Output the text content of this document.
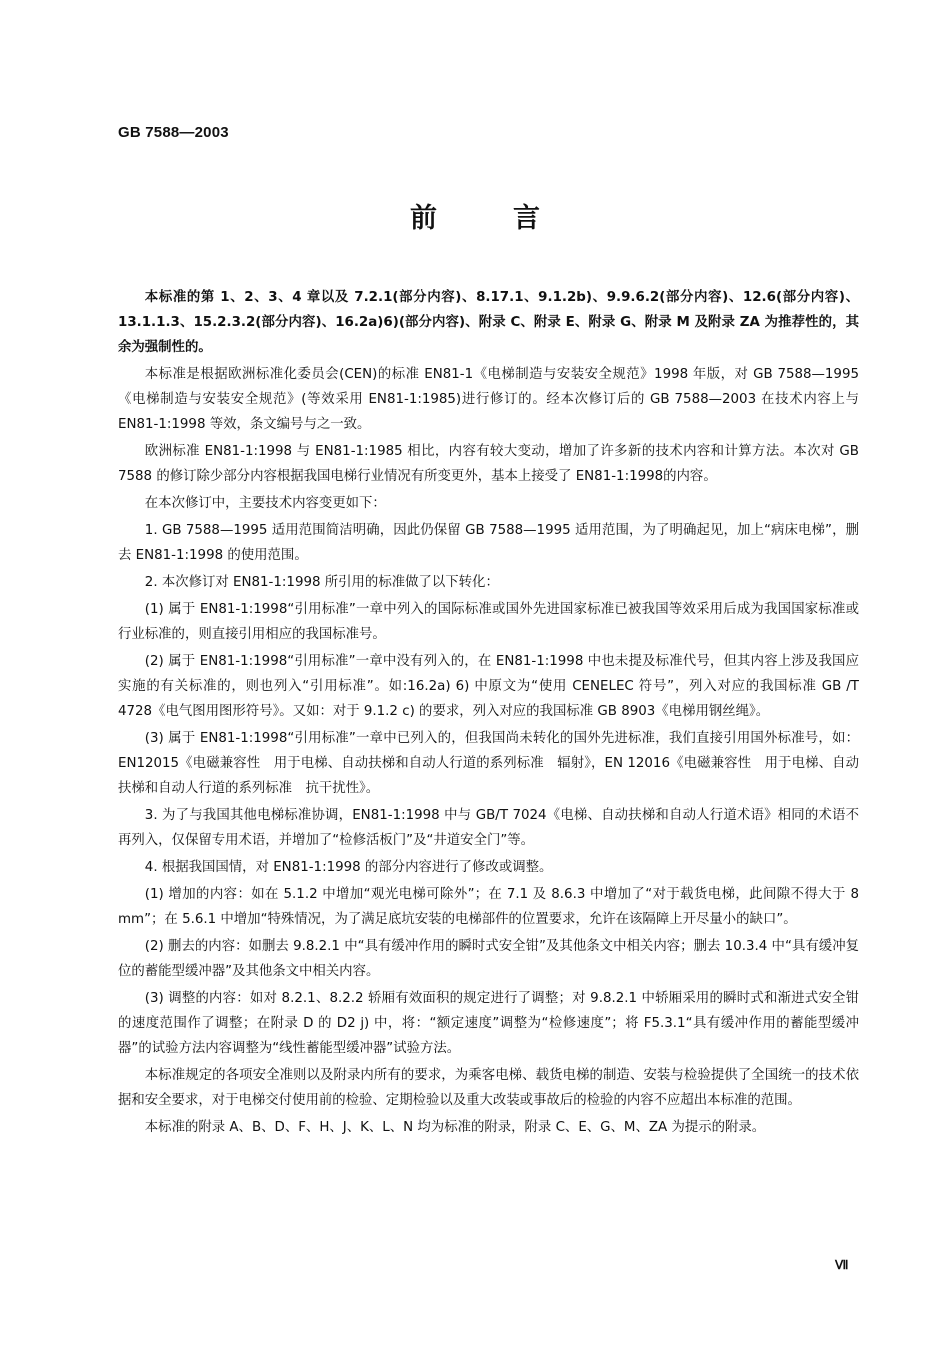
GB 7588—2003
前言

本标准的第 1、2、3、4 章以及 7.2.1(部分内容)、8.17.1、9.1.2b)、9.9.6.2(部分内容)、12.6(部分内容)、13.1.1.3、15.2.3.2(部分内容)、16.2a)6)(部分内容)、附录 C、附录 E、附录 G、附录 M 及附录 ZA 为推荐性的，其余为强制性的。

本标准是根据欧洲标准化委员会(CEN)的标准 EN81-1《电梯制造与安装安全规范》1998 年版，对 GB 7588—1995《电梯制造与安装安全规范》(等效采用 EN81-1:1985)进行修订的。经本次修订后的 GB 7588—2003 在技术内容上与 EN81-1:1998 等效，条文编号与之一致。

欧洲标准 EN81-1:1998 与 EN81-1:1985 相比，内容有较大变动，增加了许多新的技术内容和计算方法。本次对 GB 7588 的修订除少部分内容根据我国电梯行业情况有所变更外，基本上接受了 EN81-1:1998的内容。

在本次修订中，主要技术内容变更如下：

1. GB 7588—1995 适用范围简洁明确，因此仍保留 GB 7588—1995 适用范围，为了明确起见，加上“病床电梯”，删去 EN81-1:1998 的使用范围。

2. 本次修订对 EN81-1:1998 所引用的标准做了以下转化：

(1) 属于 EN81-1:1998“引用标准”一章中列入的国际标准或国外先进国家标准已被我国等效采用后成为我国国家标准或行业标准的，则直接引用相应的我国标准号。

(2) 属于 EN81-1:1998“引用标准”一章中没有列入的，在 EN81-1:1998 中也未提及标准代号，但其内容上涉及我国应实施的有关标准的，则也列入“引用标准”。如:16.2a) 6) 中原文为“使用 CENELEC 符号”，列入对应的我国标准 GB /T 4728《电气图用图形符号》。又如：对于 9.1.2 c) 的要求，列入对应的我国标准 GB 8903《电梯用钢丝绳》。

(3) 属于 EN81-1:1998“引用标准”一章中已列入的，但我国尚未转化的国外先进标准，我们直接引用国外标准号，如：EN12015《电磁兼容性　用于电梯、自动扶梯和自动人行道的系列标准　辐射》，EN 12016《电磁兼容性　用于电梯、自动扶梯和自动人行道的系列标准　抗干扰性》。

3. 为了与我国其他电梯标准协调，EN81-1:1998 中与 GB/T 7024《电梯、自动扶梯和自动人行道术语》相同的术语不再列入，仅保留专用术语，并增加了“检修活板门”及“井道安全门”等。

4. 根据我国国情，对 EN81-1:1998 的部分内容进行了修改或调整。

(1) 增加的内容：如在 5.1.2 中增加“观光电梯可除外”；在 7.1 及 8.6.3 中增加了“对于载货电梯，此间隙不得大于 8 mm”；在 5.6.1 中增加“特殊情况，为了满足底坑安装的电梯部件的位置要求，允许在该隔障上开尽量小的缺口”。

(2) 删去的内容：如删去 9.8.2.1 中“具有缓冲作用的瞬时式安全钳”及其他条文中相关内容；删去 10.3.4 中“具有缓冲复位的蓄能型缓冲器”及其他条文中相关内容。

(3) 调整的内容：如对 8.2.1、8.2.2 轿厢有效面积的规定进行了调整；对 9.8.2.1 中轿厢采用的瞬时式和渐进式安全钳的速度范围作了调整；在附录 D 的 D2 j) 中，将：“额定速度”调整为“检修速度”；将 F5.3.1“具有缓冲作用的蓄能型缓冲器”的试验方法内容调整为“线性蓄能型缓冲器”试验方法。

本标准规定的各项安全准则以及附录内所有的要求，为乘客电梯、载货电梯的制造、安装与检验提供了全国统一的技术依据和安全要求，对于电梯交付使用前的检验、定期检验以及重大改装或事故后的检验的内容不应超出本标准的范围。

本标准的附录 A、B、D、F、H、J、K、L、N 均为标准的附录，附录 C、E、G、M、ZA 为提示的附录。

Ⅶ
